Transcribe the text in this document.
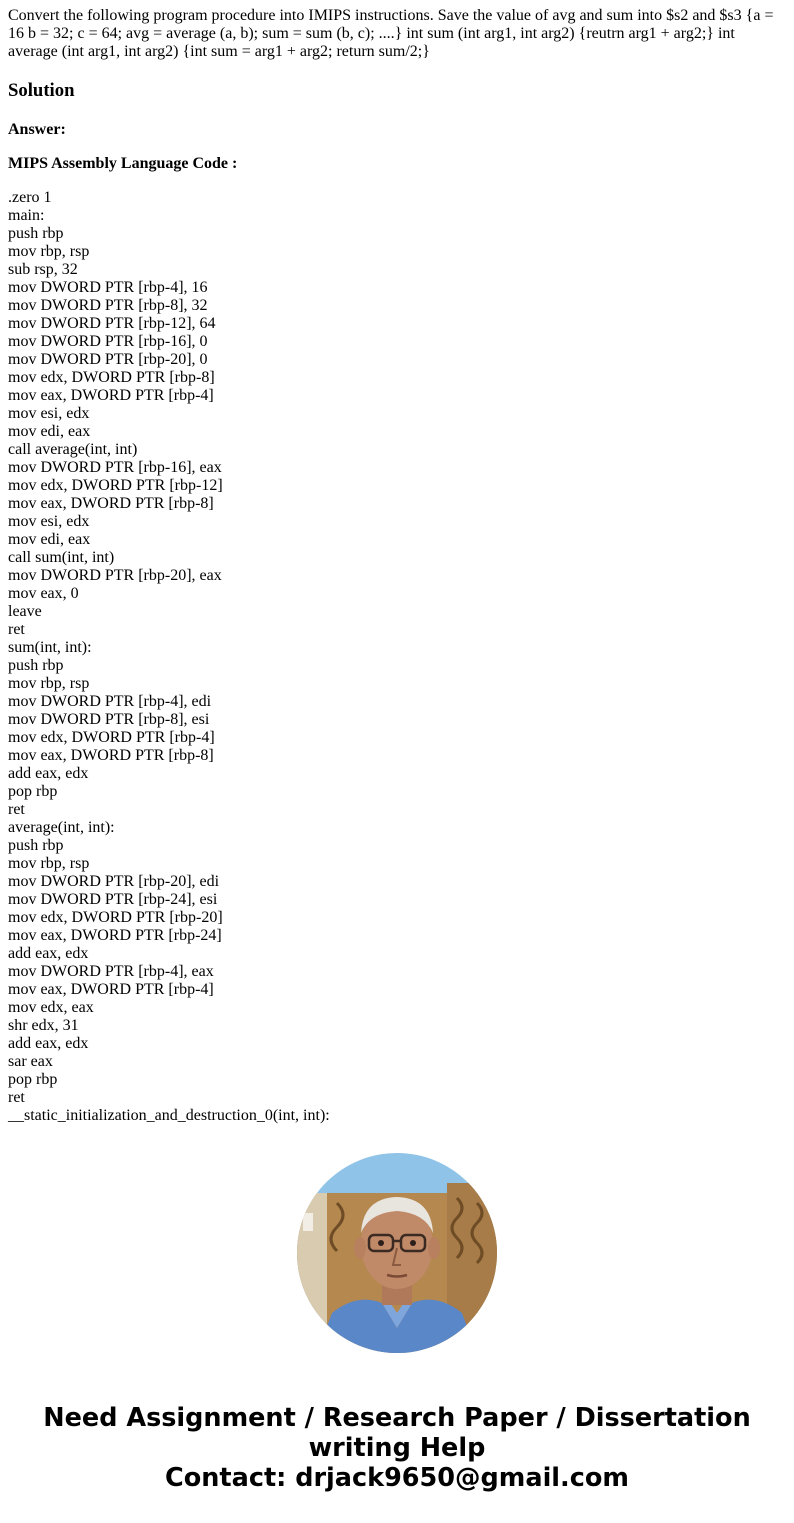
Convert the following program procedure into IMIPS instructions. Save the value of avg and sum into $s2 and $s3 {a = 16 b = 32; c = 64; avg = average (a, b); sum = sum (b, c); ....} int sum (int arg1, int arg2) {reutrn arg1 + arg2;} int average (int arg1, int arg2) {int sum = arg1 + arg2; return sum/2;}

Solution

Answer:

MIPS Assembly Language Code :

.zero 1
main:
push rbp
mov rbp, rsp
sub rsp, 32
mov DWORD PTR [rbp-4], 16
mov DWORD PTR [rbp-8], 32
mov DWORD PTR [rbp-12], 64
mov DWORD PTR [rbp-16], 0
mov DWORD PTR [rbp-20], 0
mov edx, DWORD PTR [rbp-8]
mov eax, DWORD PTR [rbp-4]
mov esi, edx
mov edi, eax
call average(int, int)
mov DWORD PTR [rbp-16], eax
mov edx, DWORD PTR [rbp-12]
mov eax, DWORD PTR [rbp-8]
mov esi, edx
mov edi, eax
call sum(int, int)
mov DWORD PTR [rbp-20], eax
mov eax, 0
leave
ret
sum(int, int):
push rbp
mov rbp, rsp
mov DWORD PTR [rbp-4], edi
mov DWORD PTR [rbp-8], esi
mov edx, DWORD PTR [rbp-4]
mov eax, DWORD PTR [rbp-8]
add eax, edx
pop rbp
ret
average(int, int):
push rbp
mov rbp, rsp
mov DWORD PTR [rbp-20], edi
mov DWORD PTR [rbp-24], esi
mov edx, DWORD PTR [rbp-20]
mov eax, DWORD PTR [rbp-24]
add eax, edx
mov DWORD PTR [rbp-4], eax
mov eax, DWORD PTR [rbp-4]
mov edx, eax
shr edx, 31
add eax, edx
sar eax
pop rbp
ret
__static_initialization_and_destruction_0(int, int):
Need Assignment / Research Paper / Dissertation
writing Help
Contact: drjack9650@gmail.com
